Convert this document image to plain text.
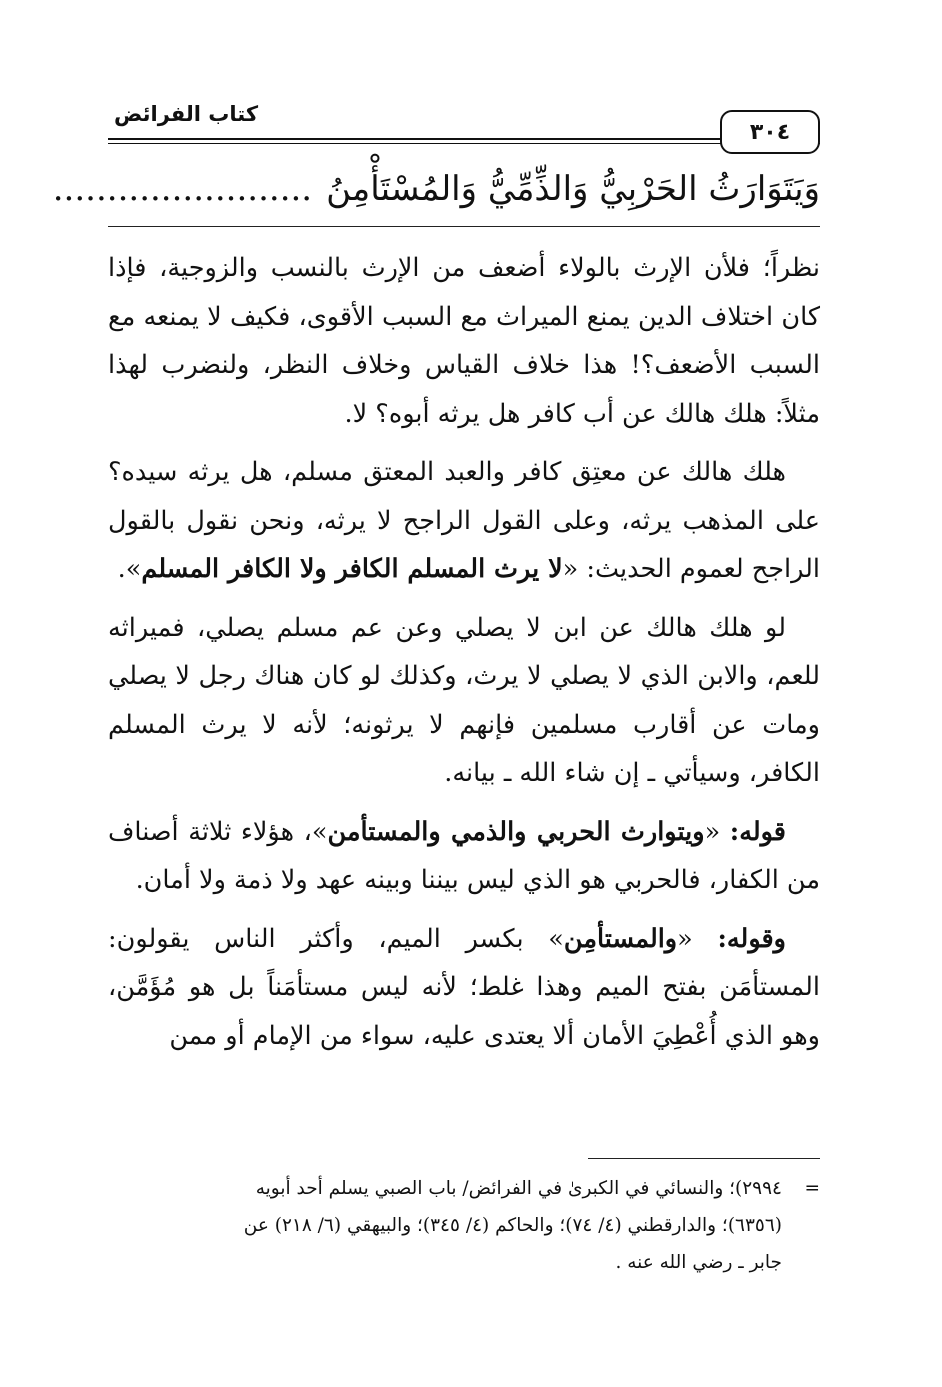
٣٠٤
كتاب الفرائض
وَيَتَوَارَثُ الحَرْبِيُّ وَالذِّمِّيُّ وَالمُسْتَأْمِنُ........................

نظراً؛ فلأن الإرث بالولاء أضعف من الإرث بالنسب والزوجية، فإذا كان اختلاف الدين يمنع الميراث مع السبب الأقوى، فكيف لا يمنعه مع السبب الأضعف؟! هذا خلاف القياس وخلاف النظر، ولنضرب لهذا مثلاً: هلك هالك عن أب كافر هل يرثه أبوه؟ لا.

هلك هالك عن معتِق كافر والعبد المعتق مسلم، هل يرثه سيده؟ على المذهب يرثه، وعلى القول الراجح لا يرثه، ونحن نقول بالقول الراجح لعموم الحديث: «لا يرث المسلم الكافر ولا الكافر المسلم».

لو هلك هالك عن ابن لا يصلي وعن عم مسلم يصلي، فميراثه للعم، والابن الذي لا يصلي لا يرث، وكذلك لو كان هناك رجل لا يصلي ومات عن أقارب مسلمين فإنهم لا يرثونه؛ لأنه لا يرث المسلم الكافر، وسيأتي ـ إن شاء الله ـ بيانه.

قوله: «ويتوارث الحربي والذمي والمستأمن»، هؤلاء ثلاثة أصناف من الكفار، فالحربي هو الذي ليس بيننا وبينه عهد ولا ذمة ولا أمان.

وقوله: «والمستأمِن» بكسر الميم، وأكثر الناس يقولون: المستأمَن بفتح الميم وهذا غلط؛ لأنه ليس مستأمَناً بل هو مُؤَمَّن، وهو الذي أُعْطِيَ الأمان ألا يعتدى عليه، سواء من الإمام أو ممن

=٢٩٩٤)؛ والنسائي في الكبرىٰ في الفرائض/ باب الصبي يسلم أحد أبويه
(٦٣٥٦)؛ والدارقطني (٤/ ٧٤)؛ والحاكم (٤/ ٣٤٥)؛ والبيهقي (٦/ ٢١٨) عن
جابر ـ رضي الله عنه .
